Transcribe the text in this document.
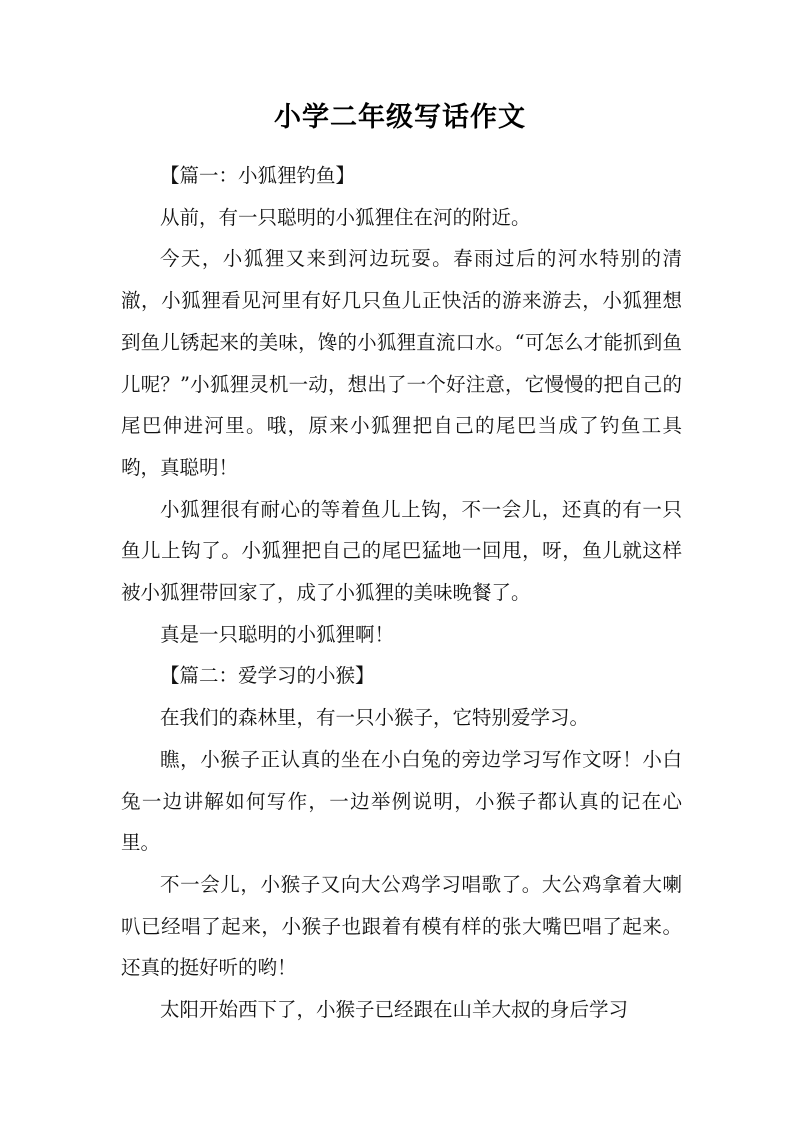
小学二年级写话作文

【篇一：小狐狸钓鱼】

从前，有一只聪明的小狐狸住在河的附近。

今天，小狐狸又来到河边玩耍。春雨过后的河水特别的清澈，小狐狸看见河里有好几只鱼儿正快活的游来游去，小狐狸想到鱼儿锈起来的美味，馋的小狐狸直流口水。“可怎么才能抓到鱼儿呢？”小狐狸灵机一动，想出了一个好注意，它慢慢的把自己的尾巴伸进河里。哦，原来小狐狸把自己的尾巴当成了钓鱼工具哟，真聪明！

小狐狸很有耐心的等着鱼儿上钩，不一会儿，还真的有一只鱼儿上钩了。小狐狸把自己的尾巴猛地一回甩，呀，鱼儿就这样被小狐狸带回家了，成了小狐狸的美味晚餐了。

真是一只聪明的小狐狸啊！

【篇二：爱学习的小猴】

在我们的森林里，有一只小猴子，它特别爱学习。

瞧，小猴子正认真的坐在小白兔的旁边学习写作文呀！小白兔一边讲解如何写作，一边举例说明，小猴子都认真的记在心里。

不一会儿，小猴子又向大公鸡学习唱歌了。大公鸡拿着大喇叭已经唱了起来，小猴子也跟着有模有样的张大嘴巴唱了起来。还真的挺好听的哟！

太阳开始西下了，小猴子已经跟在山羊大叔的身后学习
